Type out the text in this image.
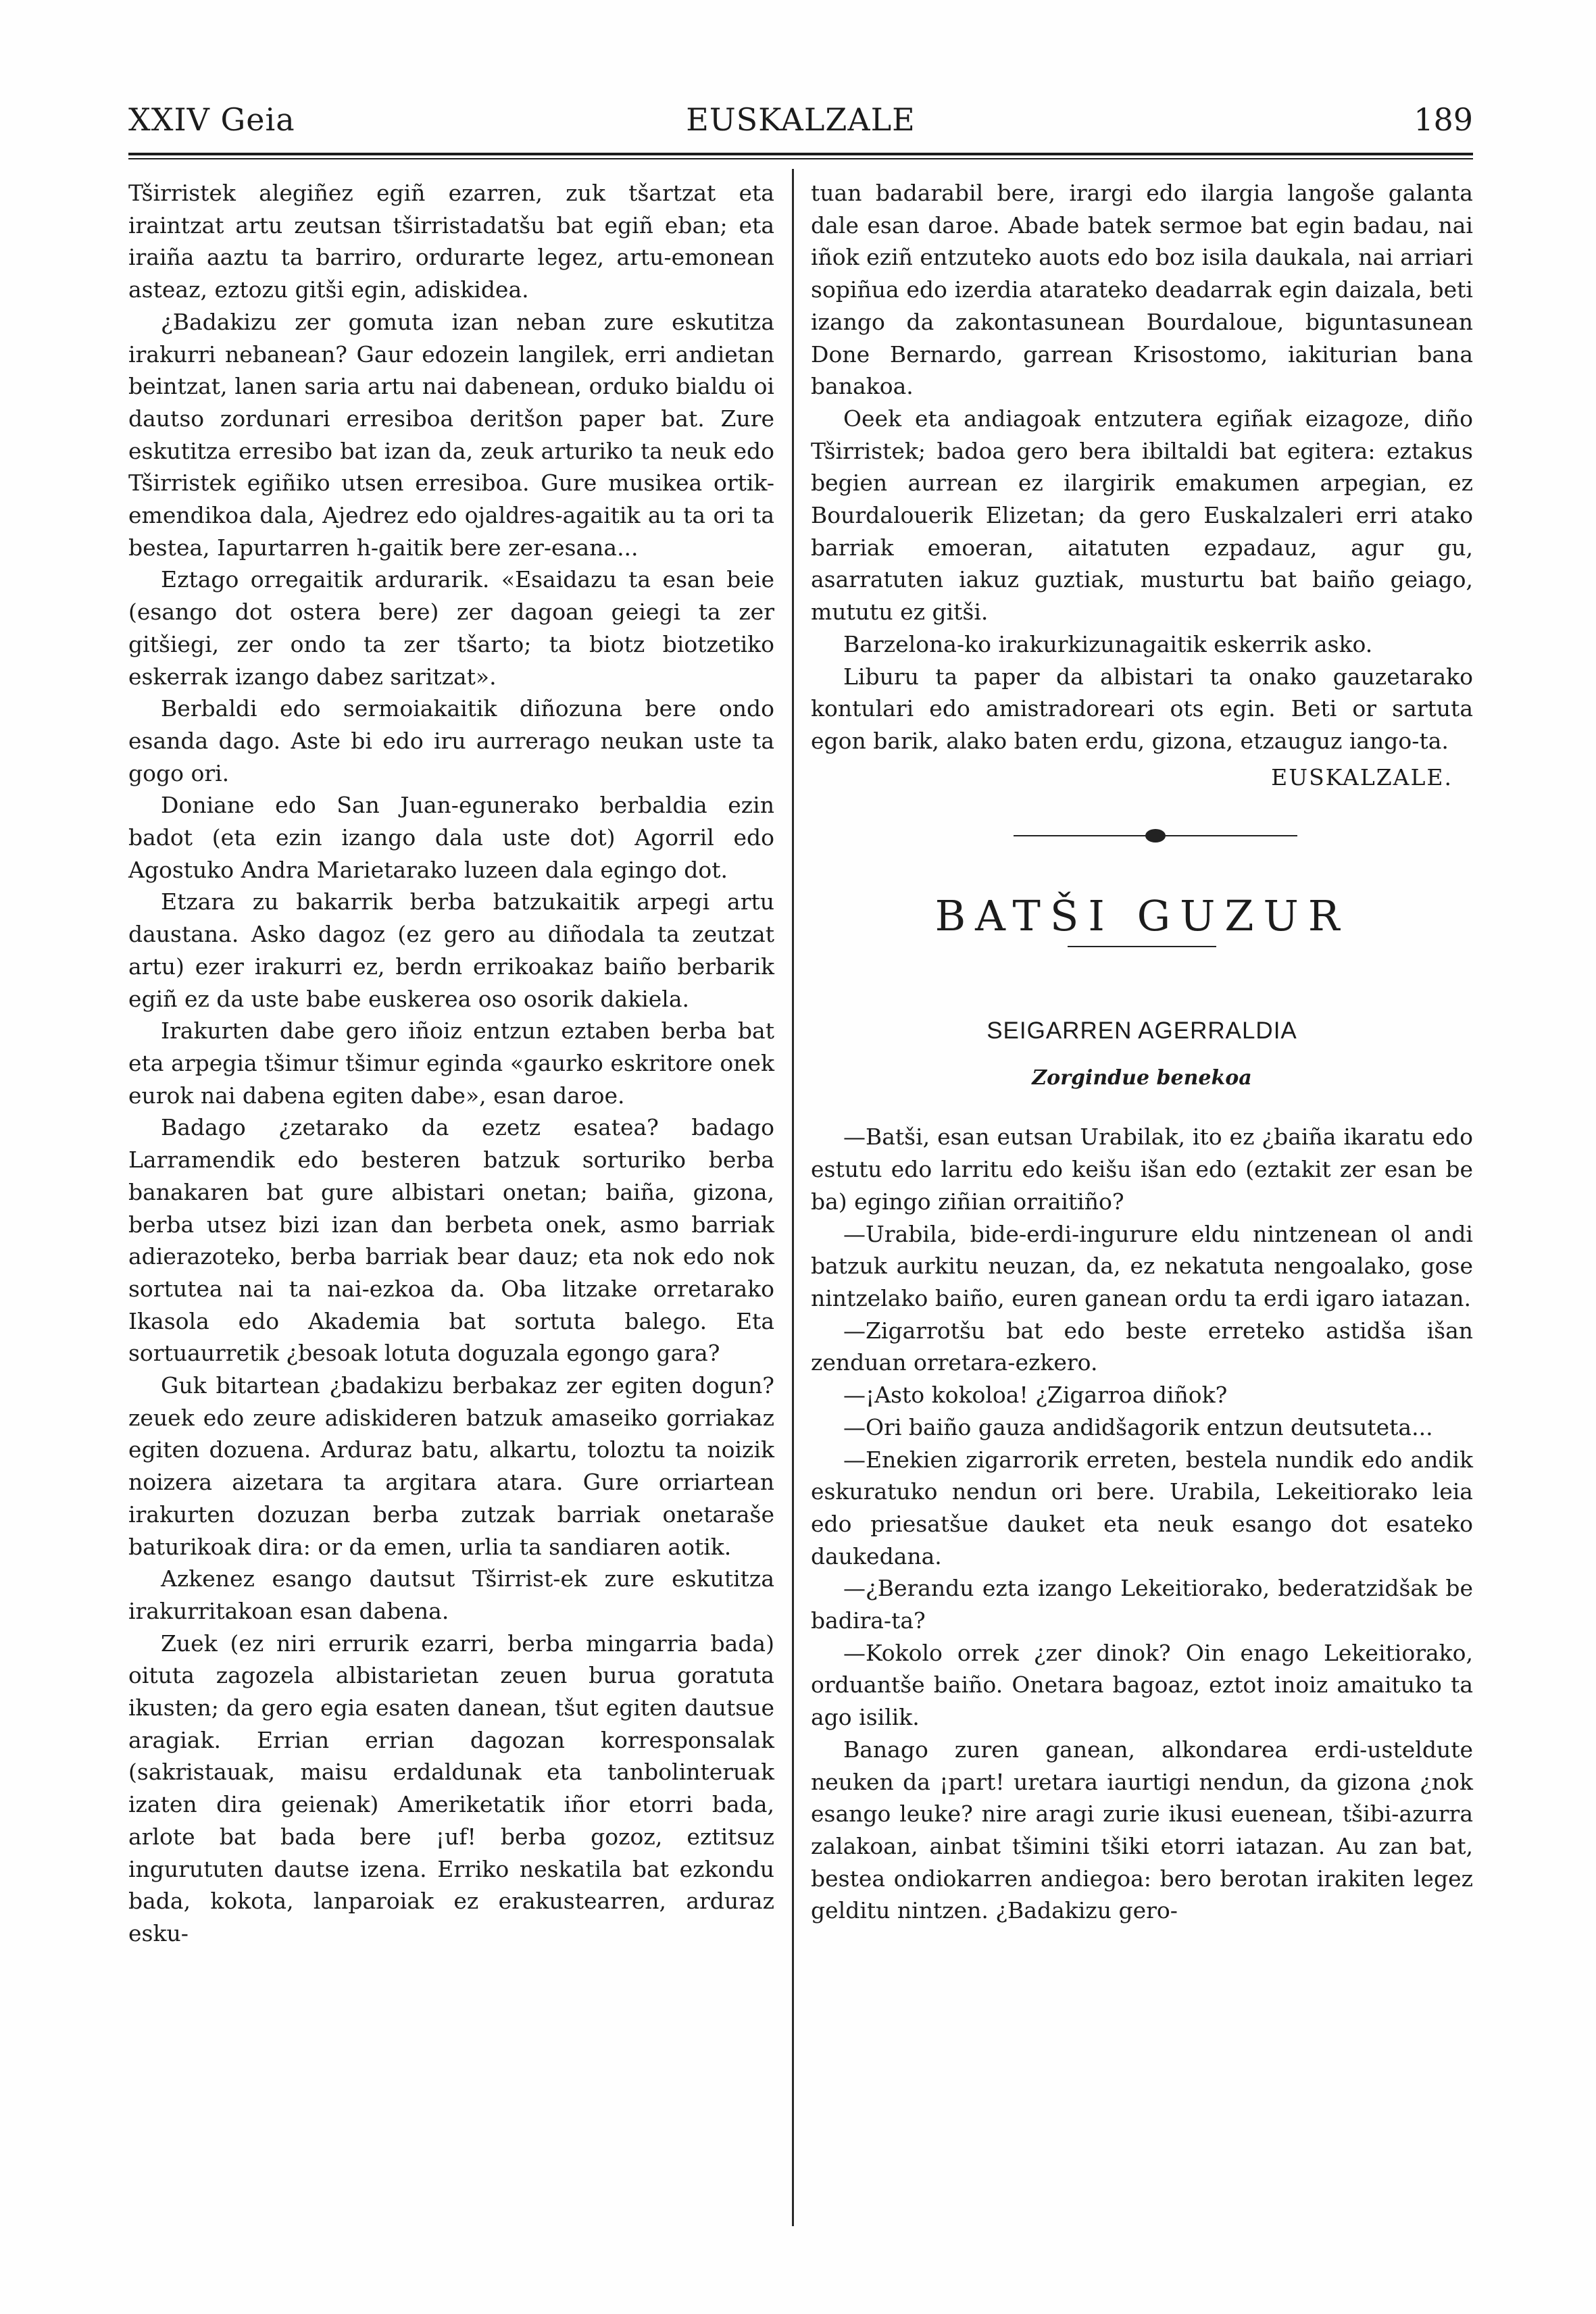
XXIV Geia	EUSKALZALE	189

Tširristek alegiñez egiñ ezarren, zuk tšartzat eta iraintzat artu zeutsan tširristadatšu bat egiñ eban; eta iraiña aaztu ta barriro, ordurarte legez, artu-emonean asteaz, eztozu gitši egin, adiskidea.

¿Badakizu zer gomuta izan neban zure eskutitza irakurri nebanean? Gaur edozein langilek, erri andietan beintzat, lanen saria artu nai dabenean, orduko bialdu oi dautso zordunari erresiboa deritšon paper bat. Zure eskutitza erresibo bat izan da, zeuk arturiko ta neuk edo Tširristek egiñiko utsen erresiboa. Gure musikea ortik-emendikoa dala, Ajedrez edo ojaldres-agaitik au ta ori ta bestea, Iapurtarren h-gaitik bere zer-esana...

Eztago orregaitik ardurarik. «Esaidazu ta esan beie (esango dot ostera bere) zer dagoan geiegi ta zer gitšiegi, zer ondo ta zer tšarto; ta biotz biotzetiko eskerrak izango dabez saritzat».

Berbaldi edo sermoiakaitik diñozuna bere ondo esanda dago. Aste bi edo iru aurrerago neukan uste ta gogo ori.

Doniane edo San Juan-egunerako berbaldia ezin badot (eta ezin izango dala uste dot) Agorril edo Agostuko Andra Marietarako luzeen dala egingo dot.

Etzara zu bakarrik berba batzukaitik arpegi artu daustana. Asko dagoz (ez gero au diñodala ta zeutzat artu) ezer irakurri ez, berdn errikoakaz baiño berbarik egiñ ez da uste babe euskerea oso osorik dakiela.

Irakurten dabe gero iñoiz entzun eztaben berba bat eta arpegia tšimur tšimur eginda «gaurko eskritore onek eurok nai dabena egiten dabe», esan daroe.

Badago ¿zetarako da ezetz esatea? badago Larramendik edo besteren batzuk sorturiko berba banakaren bat gure albistari onetan; baiña, gizona, berba utsez bizi izan dan berbeta onek, asmo barriak adierazoteko, berba barriak bear dauz; eta nok edo nok sortutea nai ta nai-ezkoa da. Oba litzake orretarako Ikasola edo Akademia bat sortuta balego. Eta sortuaurretik ¿besoak lotuta doguzala egongo gara?

Guk bitartean ¿badakizu berbakaz zer egiten dogun? zeuek edo zeure adiskideren batzuk amaseiko gorriakaz egiten dozuena. Arduraz batu, alkartu, toloztu ta noizik noizera aizetara ta argitara atara. Gure orriartean irakurten dozuzan berba zutzak barriak onetarašе baturikoak dira: or da emen, urlia ta sandiaren aotik.

Azkenez esango dautsut Tširrist-ek zure eskutitza irakurritakoan esan dabena.

Zuek (ez niri errurik ezarri, berba mingarria bada) oituta zagozela albistarietan zeuen burua goratuta ikusten; da gero egia esaten danean, tšut egiten dautsue aragiak. Errian errian dagozan korresponsalak (sakristauak, maisu erdaldunak eta tanbolinteruak izaten dira geienak) Ameriketatik iñor etorri bada, arlote bat bada bere ¡uf! berba gozoz, eztitsuz ingurututen dautse izena. Erriko neskatila bat ezkondu bada, kokota, lanparoiak ez erakustearren, arduraz esku-

tuan badarabil bere, irargi edo ilargia langoše galanta dale esan daroe. Abade batek sermoe bat egin badau, nai iñok eziñ entzuteko auots edo boz isila daukala, nai arriari sopiñua edo izerdia atarateko deadarrak egin daizala, beti izango da zakontasunean Bourdaloue, biguntasunean Done Bernardo, garrean Krisostomo, iakiturian bana banakoa.

Oeek eta andiagoak entzutera egiñak eizagoze, diño Tširristek; badoa gero bera ibiltaldi bat egitera: eztakus begien aurrean ez ilargirik emakumen arpegian, ez Bourdalouerik Elizetan; da gero Euskalzaleri erri atako barriak emoeran, aitatuten ezpadauz, agur gu, asarratuten iakuz guztiak, musturtu bat baiño geiago, mututu ez gitši.

Barzelona-ko irakurkizunagaitik eskerrik asko.

Liburu ta paper da albistari ta onako gauzetarako kontulari edo amistradoreari ots egin. Beti or sartuta egon barik, alako baten erdu, gizona, etzauguz iango-ta.

EUSKALZALE.

BATŠI GUZUR
SEIGARREN AGERRALDIA
Zorgindue benekoa

—Batši, esan eutsan Urabilak, ito ez ¿baiña ikaratu edo estutu edo larritu edo keišu išan edo (eztakit zer esan be ba) egingo ziñian orraitiño?

—Urabila, bide-erdi-ingurure eldu nintzenean ol andi batzuk aurkitu neuzan, da, ez nekatuta nengoalako, gose nintzelako baiño, euren ganean ordu ta erdi igaro iatazan.

—Zigarrotšu bat edo beste erreteko astidša išan zenduan orretara-ezkero.

—¡Asto kokoloa! ¿Zigarroa diñok?

—Ori baiño gauza andidšagorik entzun deutsuteta...

—Enekien zigarrorik erreten, bestela nundik edo andik eskuratuko nendun ori bere. Urabila, Lekeitiorako leia edo priesatšue dauket eta neuk esango dot esateko daukedana.

—¿Berandu ezta izango Lekeitiorako, bederatzidšak be badira-ta?

—Kokolo orrek ¿zer dinok? Oin enago Lekeitiorako, orduantše baiño. Onetara bagoaz, eztot inoiz amaituko ta ago isilik.

Banago zuren ganean, alkondarea erdi-usteldute neuken da ¡part! uretara iaurtigi nendun, da gizona ¿nok esango leuke? nire aragi zurie ikusi euenean, tšibi-azurra zalakoan, ainbat tšimini tšiki etorri iatazan. Au zan bat, bestea ondiokarren andiegoa: bero berotan irakiten legez gelditu nintzen. ¿Badakizu gero-
